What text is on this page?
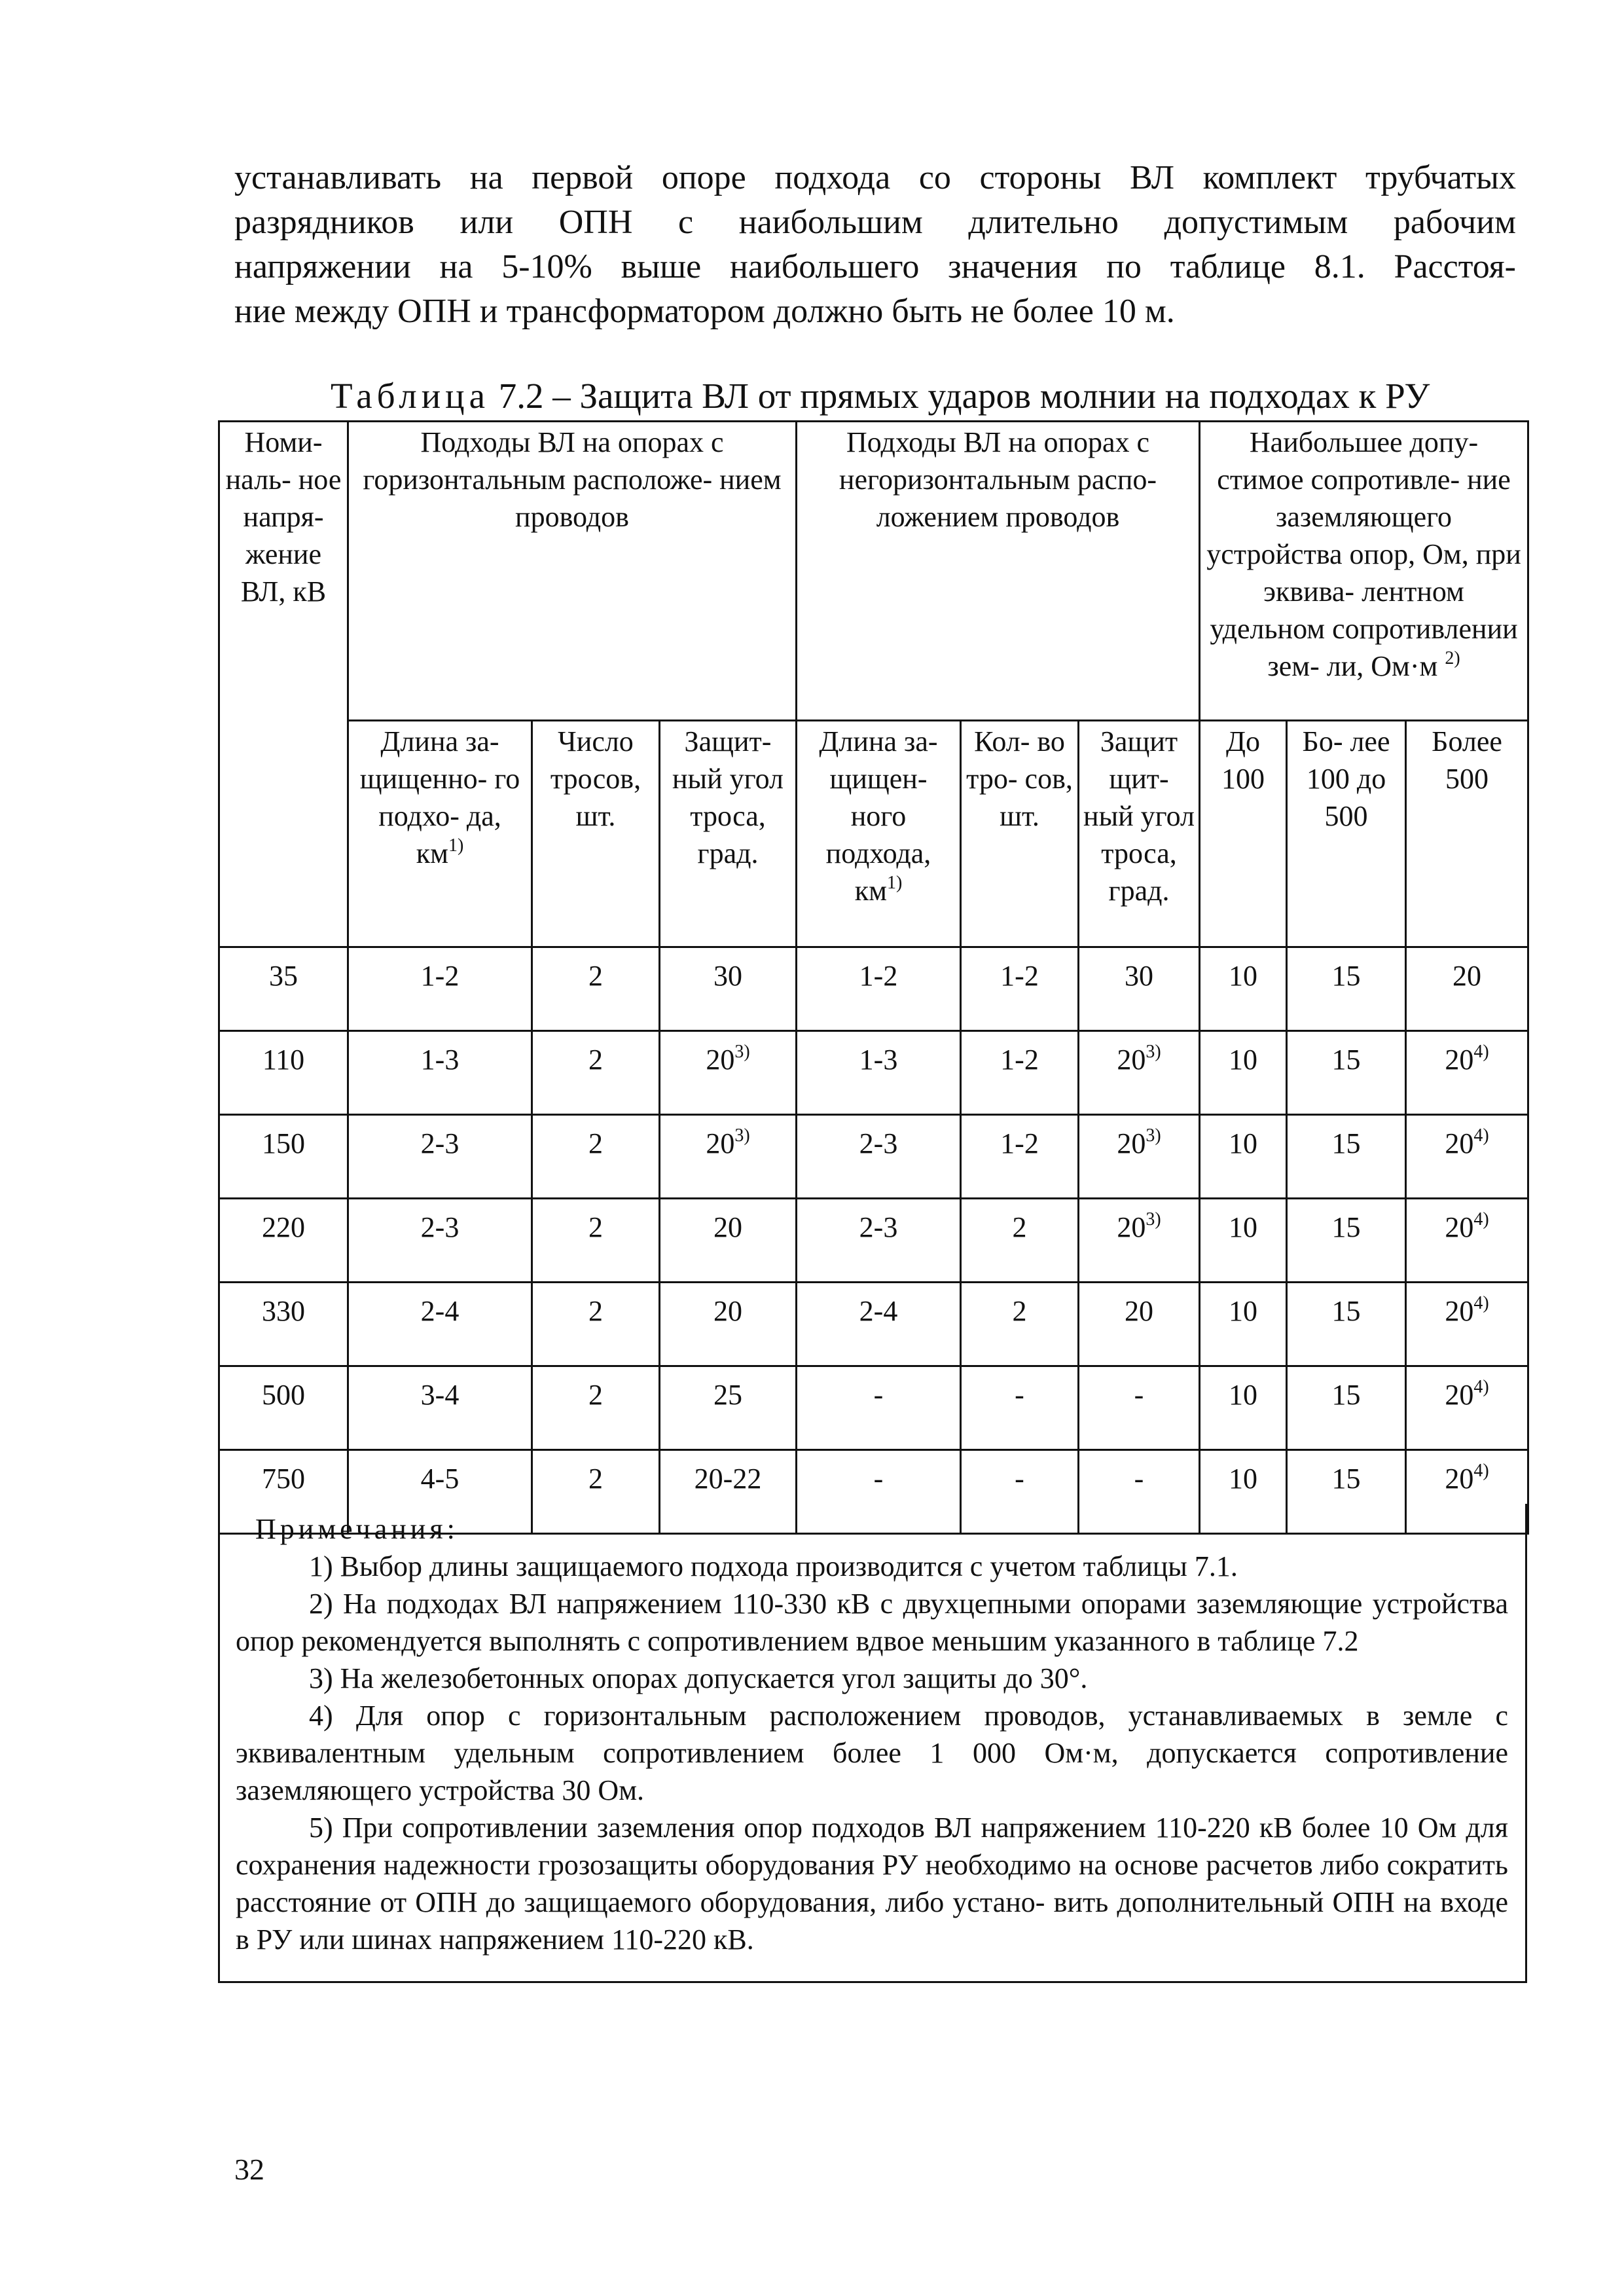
устанавливать на первой опоре подхода со стороны ВЛ комплект трубчатых
разрядников или ОПН с наибольшим длительно допустимым рабочим
напряжении на 5-10% выше наибольшего значения по таблице 8.1. Расстоя-
ние между ОПН и трансформатором должно быть не более 10 м.
Таблица 7.2 – Защита ВЛ от прямых ударов молнии на подходах к РУ
Номи- наль- ное напря- жение ВЛ, кВ	Подходы ВЛ на опорах с горизонтальным расположе- нием проводов			Подходы ВЛ на опорах с негоризонтальным распо- ложением проводов			Наибольшее допу- стимое сопротивле- ние заземляющего устройства опор, Ом, при эквива- лентном удельном сопротивлении зем- ли, Ом·м $^{2)}$
	Длина за- щищенно- го подхо- да, $км^{1)}$	Число тросов, шт.	Защит- ный угол троса, град.	Длина за- щищен- ного подхода, $км^{1)}$	Кол- во тро- сов, шт.	Защит щит- ный угол троса, град.	До 100	Бо- лее 100 до 500	Более 500
35	1-2	2	30	1-2	1-2	30	10	15	20
110	1-3	2	20$^{3)}$	1-3	1-2	20$^{3)}$	10	15	20$^{4)}$
150	2-3	2	20$^{3)}$	2-3	1-2	20$^{3)}$	10	15	20$^{4)}$
220	2-3	2	20	2-3	2	20$^{3)}$	10	15	20$^{4)}$
330	2-4	2	20	2-4	2	20	10	15	20$^{4)}$
500	3-4	2	25	-	-	-	10	15	20$^{4)}$
750	4-5	2	20-22	-	-	-	10	15	20$^{4)}$

Примечания:

1) Выбор длины защищаемого подхода производится с учетом таблицы 7.1.

2) На подходах ВЛ напряжением 110-330 кВ с двухцепными опорами заземляющие устройства опор рекомендуется выполнять с сопротивлением вдвое меньшим указанного в таблице 7.2

3) На железобетонных опорах допускается угол защиты до 30°.

4) Для опор с горизонтальным расположением проводов, устанавливаемых в земле с эквивалентным удельным сопротивлением более 1 000 Ом·м, допускается сопротивление заземляющего устройства 30 Ом.

5) При сопротивлении заземления опор подходов ВЛ напряжением 110-220 кВ более 10 Ом для сохранения надежности грозозащиты оборудования РУ необходимо на основе расчетов либо сократить расстояние от ОПН до защищаемого оборудования, либо устано- вить дополнительный ОПН на входе в РУ или шинах напряжением 110-220 кВ.

32
